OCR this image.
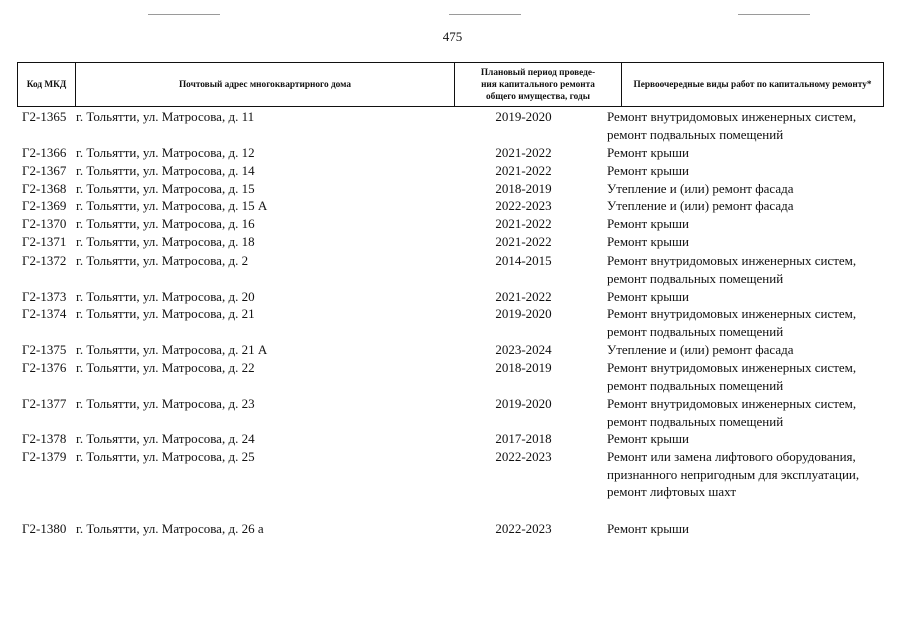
475
Код МКД	Почтовый адрес многоквартирного дома
Плановый период проведе-
ния капитального ремонта
общего имущества, годы
Первоочередные виды работ по капитальному ремонту*
Г2-1365 г. Тольятти, ул. Матросова, д. 11	2019-2020	Ремонт внутридомовых инженерных систем,
ремонт подвальных помещений
Г2-1366 г. Тольятти, ул. Матросова, д. 12	2021-2022	Ремонт крыши
Г2-1367 г. Тольятти, ул. Матросова, д. 14	2021-2022	Ремонт крыши
Г2-1368 г. Тольятти, ул. Матросова, д. 15	2018-2019	Утепление и (или) ремонт фасада
Г2-1369 г. Тольятти, ул. Матросова, д. 15 А	2022-2023	Утепление и (или) ремонт фасада
Г2-1370 г. Тольятти, ул. Матросова, д. 16	2021-2022	Ремонт крыши
Г2-1371 г. Тольятти, ул. Матросова, д. 18	2021-2022	Ремонт крыши
Г2-1372 г. Тольятти, ул. Матросова, д. 2	2014-2015	Ремонт внутридомовых инженерных систем,
ремонт подвальных помещений
Г2-1373 г. Тольятти, ул. Матросова, д. 20	2021-2022	Ремонт крыши
Г2-1374 г. Тольятти, ул. Матросова, д. 21	2019-2020	Ремонт внутридомовых инженерных систем,
ремонт подвальных помещений
Г2-1375 г. Тольятти, ул. Матросова, д. 21 А	2023-2024	Утепление и (или) ремонт фасада
Г2-1376 г. Тольятти, ул. Матросова, д. 22	2018-2019	Ремонт внутридомовых инженерных систем,
ремонт подвальных помещений
Г2-1377 г. Тольятти, ул. Матросова, д. 23	2019-2020	Ремонт внутридомовых инженерных систем,
ремонт подвальных помещений
Г2-1378 г. Тольятти, ул. Матросова, д. 24	2017-2018	Ремонт крыши
Г2-1379 г. Тольятти, ул. Матросова, д. 25	2022-2023	Ремонт или замена лифтового оборудования,
признанного непригодным для эксплуатации,
ремонт лифтовых шахт
Г2-1380 г. Тольятти, ул. Матросова, д. 26 а	2022-2023	Ремонт крыши
